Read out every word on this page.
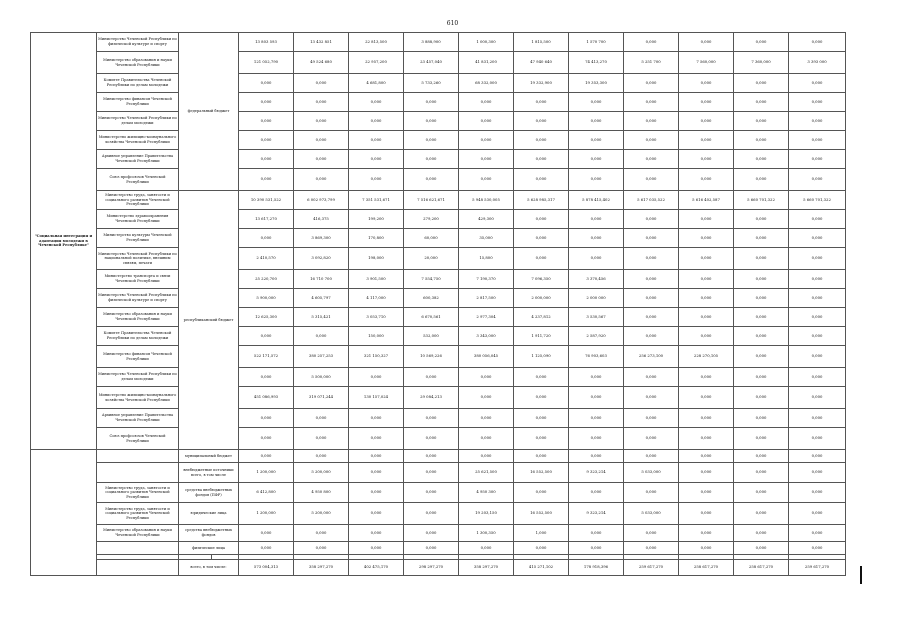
610
"Социальная интеграция и адаптация молодежи в Чеченской Республике"	Министерство Чеченской Республики по физической культуре и спорту	федеральный бюджет		13 803 593	13 432 851	22 813,500	3 888,900	1 000,300	1 815,500	1 570 700	0,000	0,000	0,000	0,000
	Министерство образования и науки Чеченской Республики			121 052,790	49 524 680	22 957,200	23 457,040	41 831,200	47 940 640	74 413,270	5 251 700	7 560,000	7 360,000	3 393 000
	Комитет Правительства Чеченской Республики по делам молодежи			0,000	0,000	4 681,800	5 733,260	68 332,000	19 332,900	19 353,300	0,000	0,000	0,000	0,000
	Министерство финансов Чеченской Республики			0,000	0,000	0,000	0,000	0,000	0,000	0,000	0,000	0,000	0,000	0,000
	Министерство Чеченской Республики по делам молодежи			0,000	0,000	0,000	0,000	0,000	0,000	0,000	0,000	0,000	0,000	0,000
	Министерство жилищно-коммунального хозяйства Чеченской Республики			0,000	0,000	0,000	0,000	0,000	0,000	0,000	0,000	0,000	0,000	0,000
	Архивное управление Правительства Чеченской Республики			0,000	0,000	0,000	0,000	0,000	0,000	0,000	0,000	0,000	0,000	0,000
	Союз профсоюзов Чеченской Республики			0,000	0,000	0,000	0,000	0,000	0,000	0,000	0,000	0,000	0,000	0,000
	Министерство труда, занятости и социального развития Чеченской Республики	республиканский бюджет		10 390 531,522	6 002 973,799	7 351 531,671	7 516 621,671	5 948 530,005	5 628 985,317	5 878 415,402	5 617 035,522	5 616 402,587	5 660 701,322	5 660 701,322
	Министерство здравоохранения Чеченской Республики			13 617,270	416,375	199,200	279,200	429,300	0,000	0,000	0,000	0,000	0,000	0,000
	Министерство культуры Чеченской Республики			0,000	3 869,300	170,800	60,000	35,000	0,000	0,000	0,000	0,000	0,000	0,000
	Министерство Чеченской Республики по национальной политике, внешним связям, печати			2 410,570	3 092,820	198,000	20,000	15,800	0,000	0,000	0,000	0,000	0,000	0,000
	Министерство транспорта и связи Чеченской Республики			25 220,700	16 710 700	3 901,500	7 554,750	7 190,370	7 096,350	3 370,456	0,000	0,000	0,000	0,000
	Министерство Чеченской Республики по физической культуре и спорту			5 900,000	4 605,797	4 117,000	600,382	2 817,500	2 000,000	2 000 000	0,000	0,000	0,000	0,000
	Министерство образования и науки Чеченской Республики			12 625,300	5 315,421	3 053,710	6 670,561	2 977,304	4 237,812	3 530,567	0,000	0,000	0,000	0,000
	Комитет Правительства Чеченской Республики по делам молодежи			0,000	0,000	150,000	532,000	3 343,000	1 911,720	2 587,920	0,000	0,000	0,000	0,000
	Министерство финансов Чеченской Республики			522 171,572	380 257,253	321 150,327	10 569,226	380 056,045	1 125,090	76 903,603	256 273,100	228 270,105	0,000	0,000
	Министерство Чеченской Республики по делам молодежи			0,000	5 500,000	0,000	0,000	0,000	0,000	0,000	0,000	0,000	0,000	0,000
	Министерство жилищно-коммунального хозяйства Чеченской Республики			451 086,993	319 071,244	130 157,024	29 084,213	0,000	0,000	0,000	0,000	0,000	0,000	0,000
	Архивное управление Правительства Чеченской Республики			0,000	0,000	0,000	0,000	0,000	0,000	0,000	0,000	0,000	0,000	0,000
	Союз профсоюзов Чеченской Республики			0,000	0,000	0,000	0,000	0,000	0,000	0,000	0,000	0,000	0,000	0,000
		муниципальный бюджет		0,000	0,000	0,000	0,000	0,000	0,000	0,000	0,000	0,000	0,000	0,000
		внебюджетные источники всего, в том числе		1 200,000	5 200,000	0,000	0,000	25 621,500	16 552,500	9 323,214	5 033,000	0,000	0,000	0,000
	Министерство труда, занятости и социального развития Чеченской Республики	средства внебюджетных фондов (ПФР)		6 412,800	4 950 800	0,000	0,000	4 950 300	0,000	0,000	0,000	0,000	0,000	0,000
	Министерство труда, занятости и социального развития Чеченской Республики	юридические лица		1 200,000	5 200,000	0,000	0,000	19 203,150	16 552,500	9 323,214	5 033,000	0,000	0,000	0,000
	Министерство образования и науки Чеченской Республики	средства внебюджетных фондов		0,000	0,000	0,000	0,000	1 300,350	1,000	0,000	0,000	0,000	0,000	0,000
		физические лица		0,000	0,000	0,000	0,000	0,000	0,000	0,000	0,000	0,000	0,000	0,000

		всего, в том числе:		573 004,313	358 297,270	402 475,170	298 297,270	358 297,270	415 271,102	178 918,396	259 617,270	258 617,270	258 617,270	259 617,270
